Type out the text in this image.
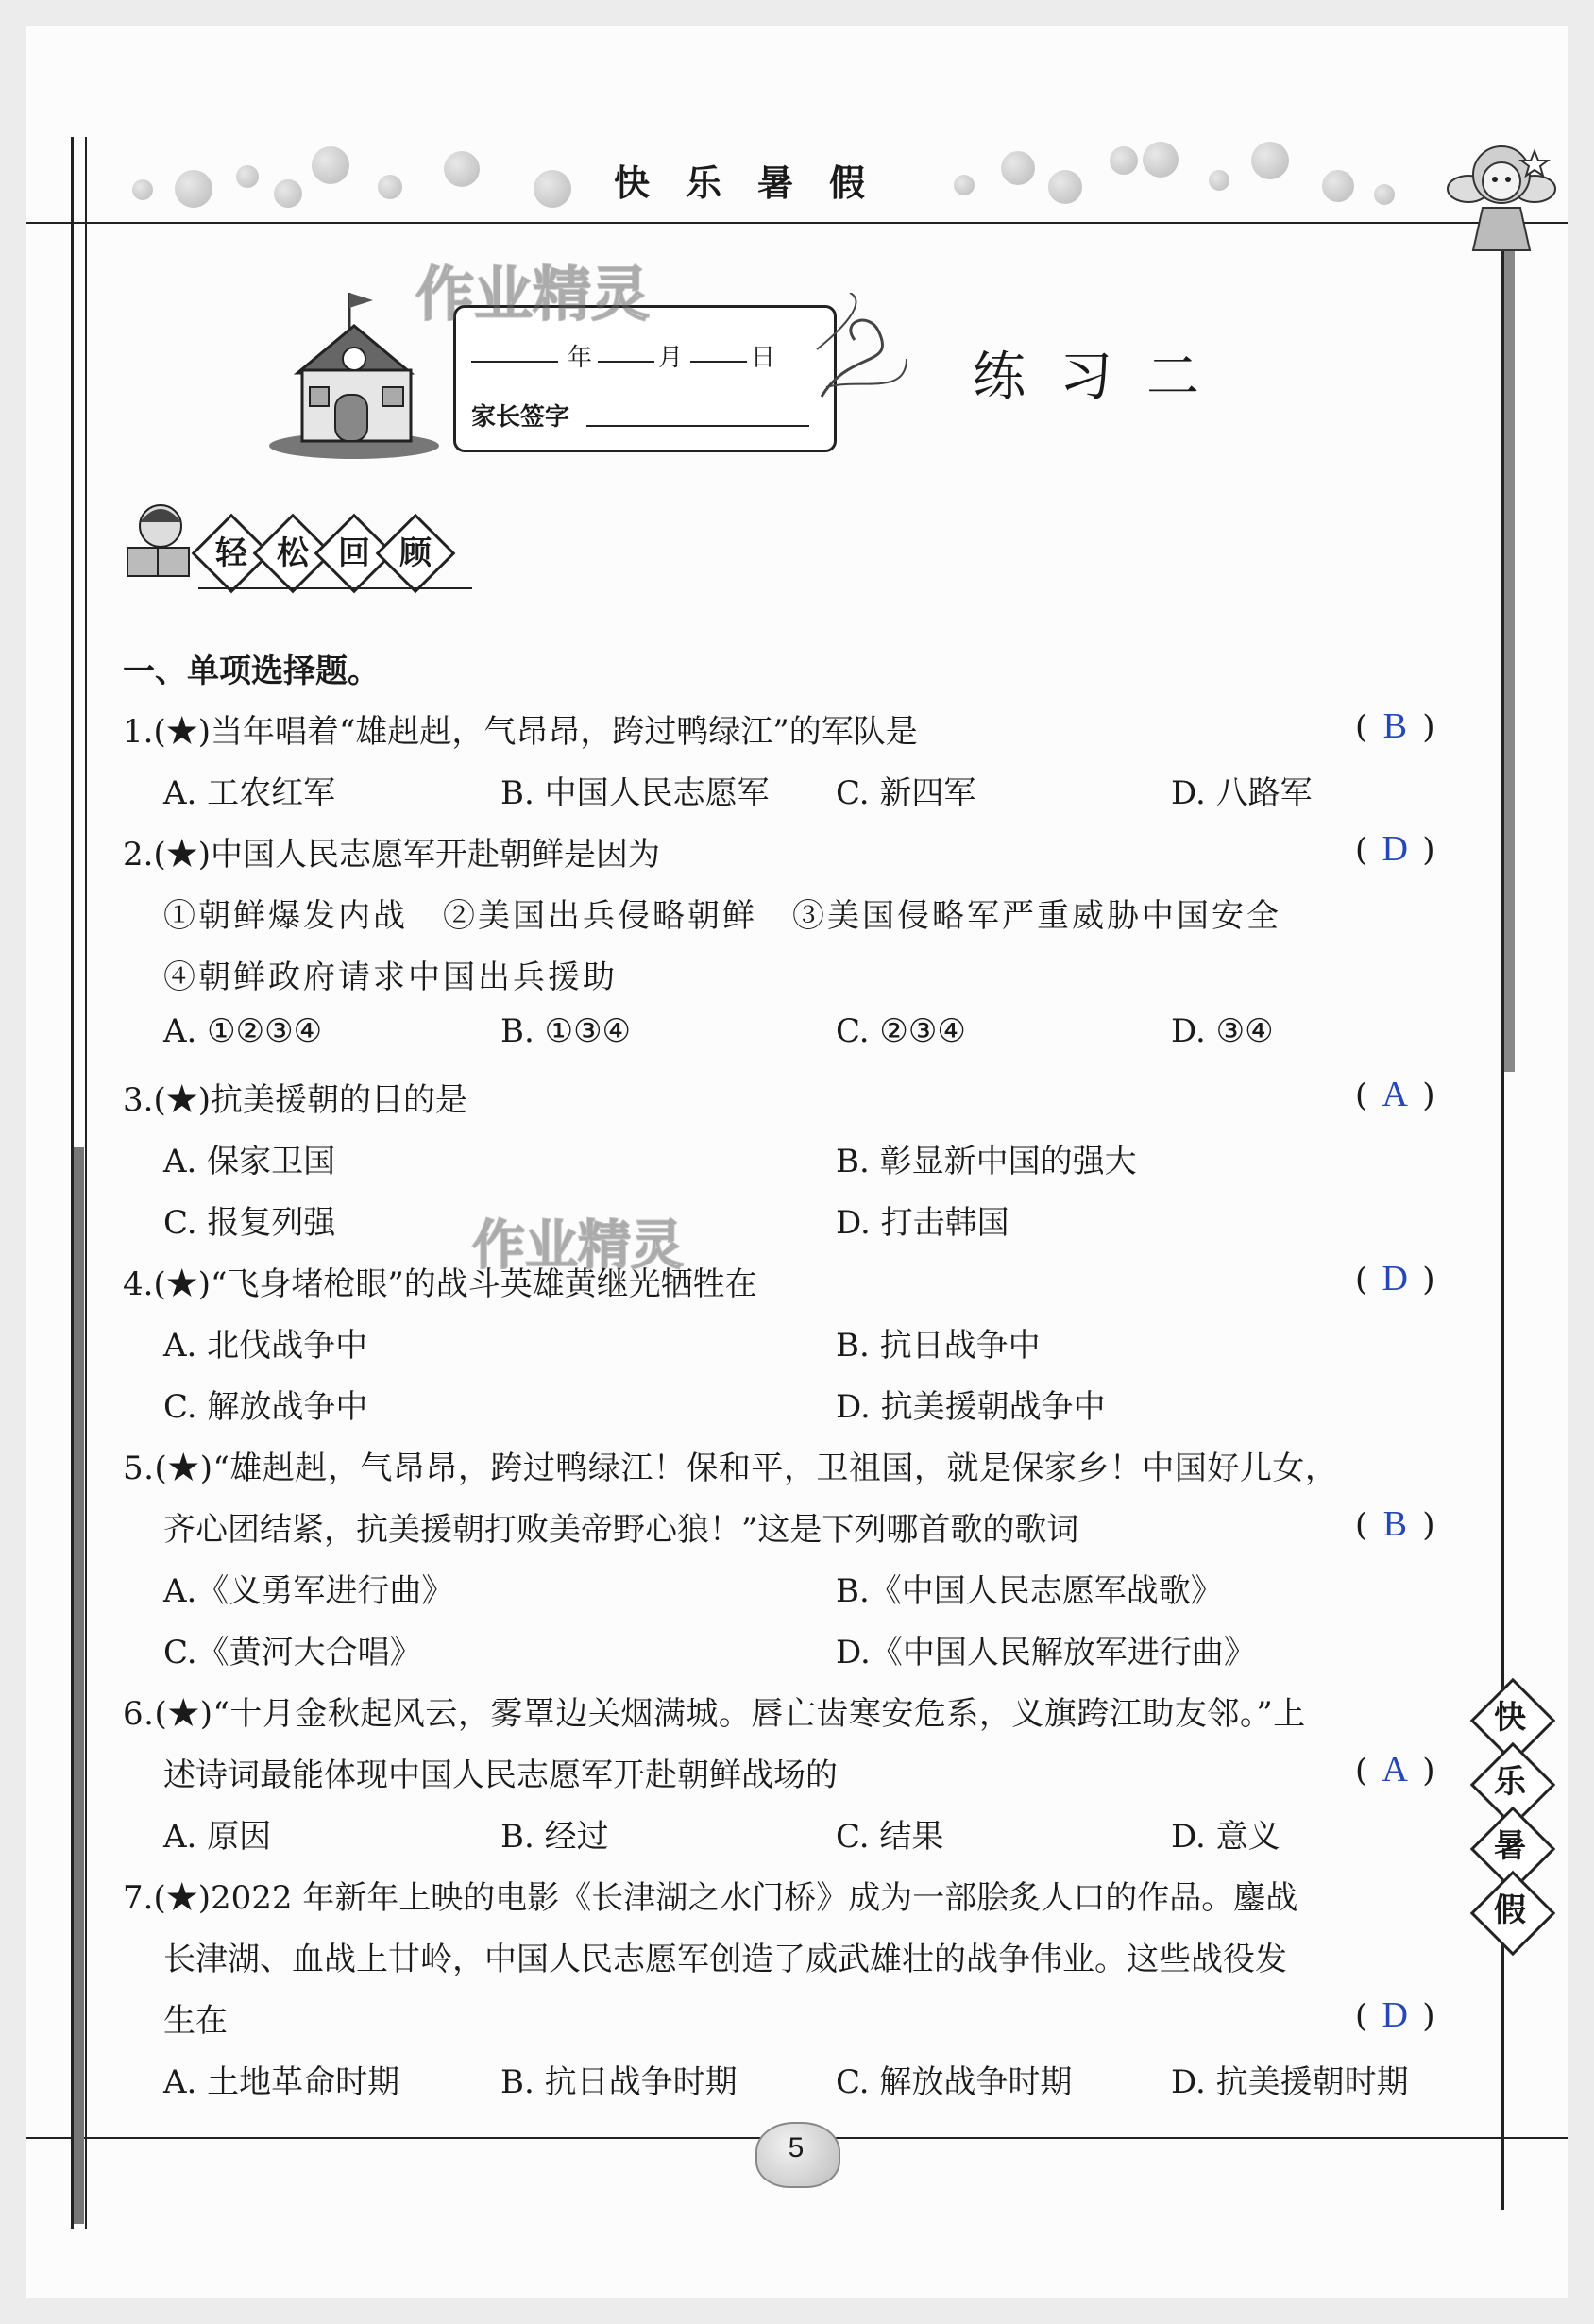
快乐暑假
年	月	日
家长签字
练习二
作业精灵
作业精灵
轻 松 回 顾
一、单项选择题。
1.(★)当年唱着“雄赳赳，气昂昂，跨过鸭绿江”的军队是	( B )
A. 工农红军	B. 中国人民志愿军 C. 新四军	D. 八路军
2.(★)中国人民志愿军开赴朝鲜是因为	( D )
①朝鲜爆发内战　②美国出兵侵略朝鲜　③美国侵略军严重威胁中国安全
④朝鲜政府请求中国出兵援助
A. ①②③④	B. ①③④	C. ②③④	D. ③④
3.(★)抗美援朝的目的是	( A )
A. 保家卫国	B. 彰显新中国的强大
C. 报复列强	D. 打击韩国
4.(★)“飞身堵枪眼”的战斗英雄黄继光牺牲在	( D )
A. 北伐战争中	B. 抗日战争中
C. 解放战争中	D. 抗美援朝战争中
5.(★)“雄赳赳，气昂昂，跨过鸭绿江！保和平，卫祖国，就是保家乡！中国好儿女，
齐心团结紧，抗美援朝打败美帝野心狼！”这是下列哪首歌的歌词	( B )
A.《义勇军进行曲》	B.《中国人民志愿军战歌》
C.《黄河大合唱》	D.《中国人民解放军进行曲》
6.(★)“十月金秋起风云，雾罩边关烟满城。唇亡齿寒安危系，义旗跨江助友邻。”上
述诗词最能体现中国人民志愿军开赴朝鲜战场的	( A )
A. 原因	B. 经过	C. 结果	D. 意义
7.(★)2022 年新年上映的电影《长津湖之水门桥》成为一部脍炙人口的作品。鏖战
长津湖、血战上甘岭，中国人民志愿军创造了威武雄壮的战争伟业。这些战役发
生在	( D )
A. 土地革命时期	B. 抗日战争时期	C. 解放战争时期	D. 抗美援朝时期
快
乐
暑
假
5
